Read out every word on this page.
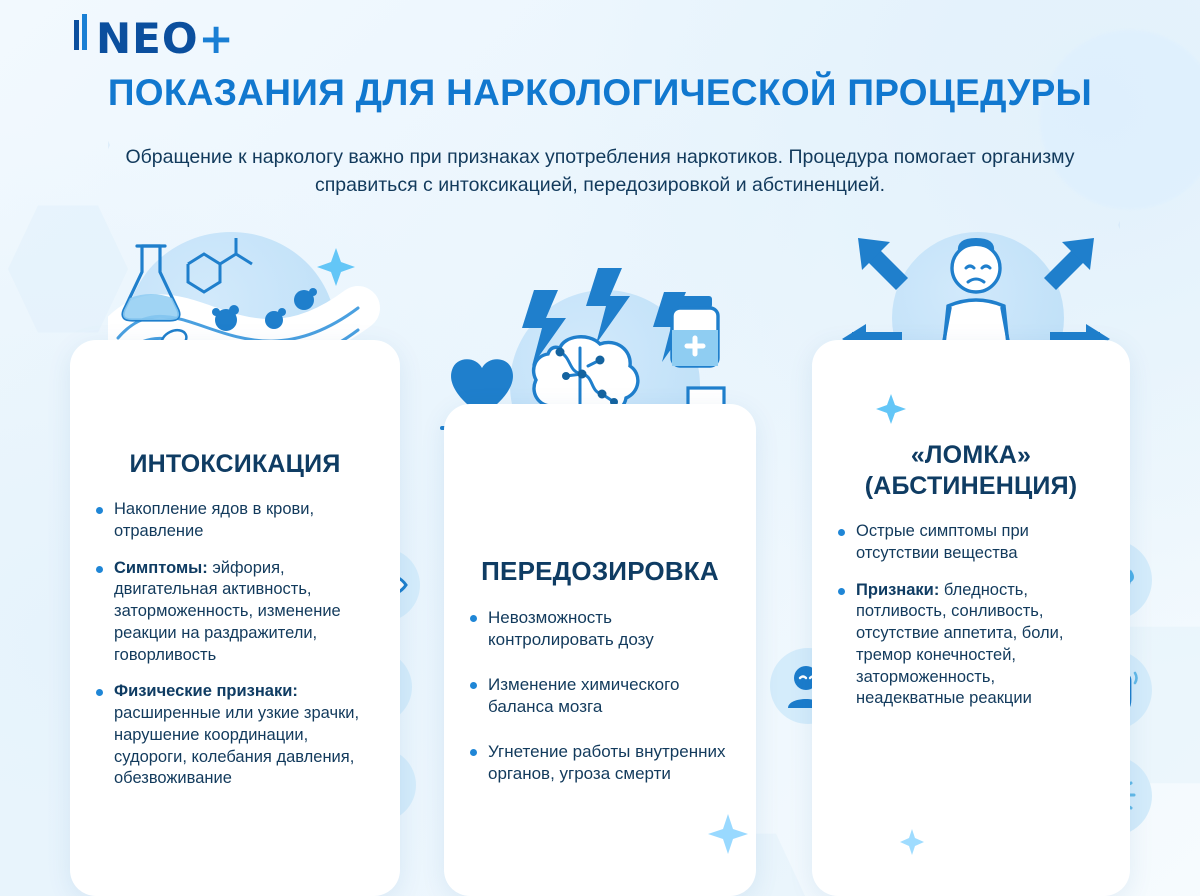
NEO+
ПОКАЗАНИЯ ДЛЯ НАРКОЛОГИЧЕСКОЙ ПРОЦЕДУРЫ
Обращение к наркологу важно при признаках употребления наркотиков. Процедура помогает организму справиться с интоксикацией, передозировкой и абстиненцией.
ИНТОКСИКАЦИЯ
Накопление ядов в крови, отравление
Симптомы: эйфория, двигательная активность, заторможенность, изменение реакции на раздражители, говорливость
Физические признаки: расширенные или узкие зрачки, нарушение координации, судороги, колебания давления, обезвоживание
ПЕРЕДОЗИРОВКА
Невозможность контролировать дозу
Изменение химического баланса мозга
Угнетение работы внутренних органов, угроза смерти
«ЛОМКА»
(АБСТИНЕНЦИЯ)
Острые симптомы при отсутствии вещества
Признаки: бледность, потливость, сонливость, отсутствие аппетита, боли, тремор конечностей, заторможенность, неадекватные реакции
